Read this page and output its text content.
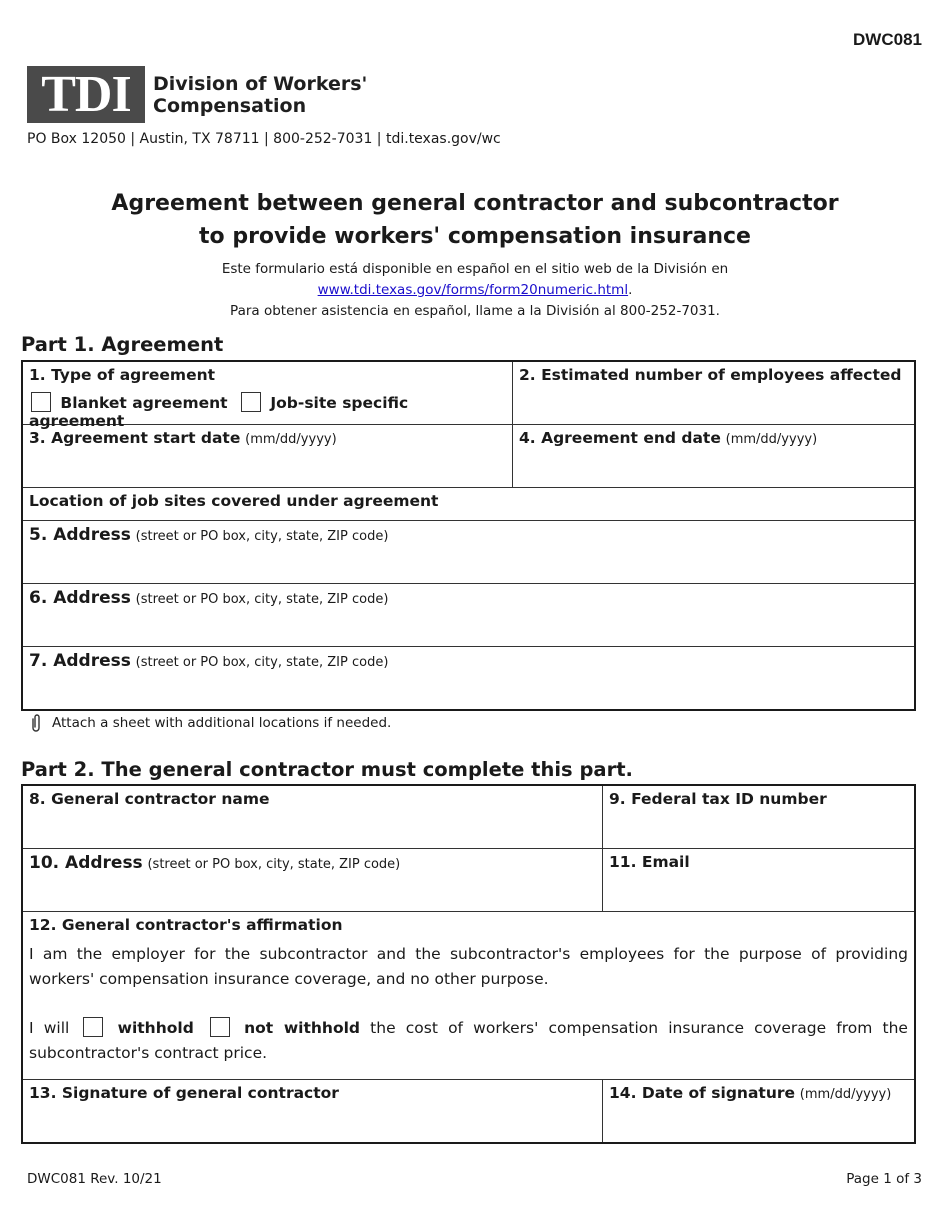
DWC081
TDI	Division of Workers'
Compensation
PO Box 12050 | Austin, TX 78711 | 800-252-7031 | tdi.texas.gov/wc
Agreement between general contractor and subcontractor
to provide workers' compensation insurance
Este formulario está disponible en español en el sitio web de la División en
www.tdi.texas.gov/forms/form20numeric.html.
Para obtener asistencia en español, llame a la División al 800-252-7031.
Part 1. Agreement
1. Type of agreement
Blanket agreement	Job-site specific agreement
2. Estimated number of employees affected
3. Agreement start date (mm/dd/yyyy)	4. Agreement end date (mm/dd/yyyy)
Location of job sites covered under agreement
5. Address (street or PO box, city, state, ZIP code)
6. Address (street or PO box, city, state, ZIP code)
7. Address (street or PO box, city, state, ZIP code)
Attach a sheet with additional locations if needed.
Part 2. The general contractor must complete this part.
8. General contractor name	9. Federal tax ID number
10. Address (street or PO box, city, state, ZIP code)	11. Email
12. General contractor's affirmation
I am the employer for the subcontractor and the subcontractor's employees for the purpose of providing workers' compensation insurance coverage, and no other purpose.
I will	withhold	not withhold the cost of workers' compensation insurance coverage from the subcontractor's contract price.
13. Signature of general contractor	14. Date of signature (mm/dd/yyyy)
DWC081 Rev. 10/21	Page 1 of 3
